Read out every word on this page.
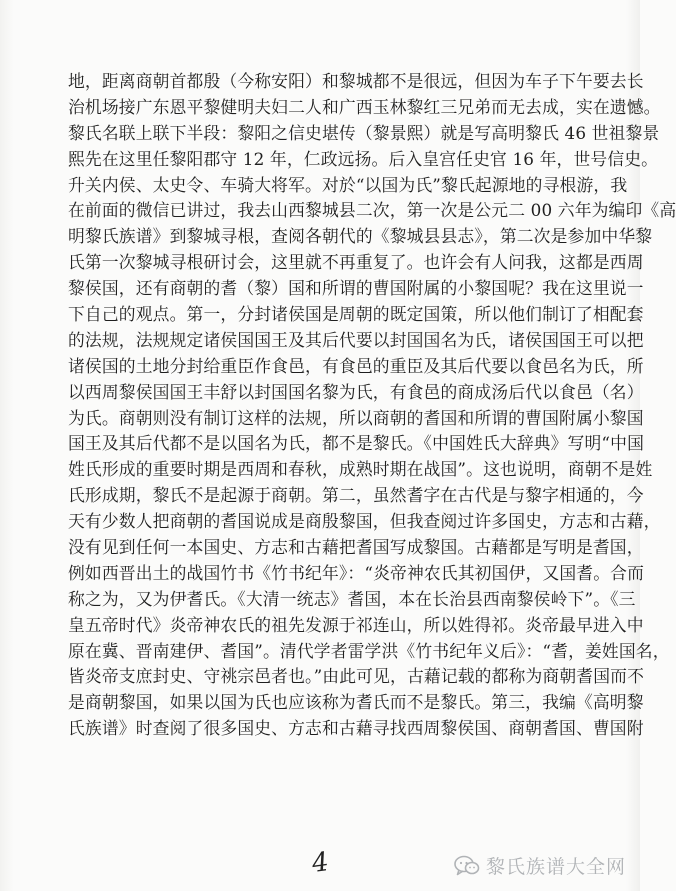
地，距离商朝首都殷（今称安阳）和黎城都不是很远，但因为车子下午要去长
治机场接广东恩平黎健明夫妇二人和广西玉林黎红三兄弟而无去成，实在遗憾。
黎氏名联上联下半段：黎阳之信史堪传（黎景熙）就是写高明黎氏 46 世祖黎景
熙先在这里任黎阳郡守 12 年，仁政远扬。后入皇宫任史官 16 年，世号信史。
升关内侯、太史令、车骑大将军。对於“以国为氏”黎氏起源地的寻根游，我
在前面的微信已讲过，我去山西黎城县二次，第一次是公元二 00 六年为编印《高
明黎氏族谱》到黎城寻根，查阅各朝代的《黎城县县志》，第二次是参加中华黎
氏第一次黎城寻根研讨会，这里就不再重复了。也许会有人问我，这都是西周
黎侯国，还有商朝的耆（黎）国和所谓的曹国附属的小黎国呢？我在这里说一
下自己的观点。第一，分封诸侯国是周朝的既定国策，所以他们制订了相配套
的法规，法规规定诸侯国国王及其后代要以封国国名为氏，诸侯国国王可以把
诸侯国的土地分封给重臣作食邑，有食邑的重臣及其后代要以食邑名为氏，所
以西周黎侯国国王丰舒以封国国名黎为氏，有食邑的商成汤后代以食邑（名）
为氏。商朝则没有制订这样的法规，所以商朝的耆国和所谓的曹国附属小黎国
国王及其后代都不是以国名为氏，都不是黎氏。《中国姓氏大辞典》写明“中国
姓氏形成的重要时期是西周和春秋，成熟时期在战国”。这也说明，商朝不是姓
氏形成期，黎氏不是起源于商朝。第二，虽然耆字在古代是与黎字相通的，今
天有少数人把商朝的耆国说成是商殷黎国，但我查阅过许多国史，方志和古藉，
没有见到任何一本国史、方志和古藉把耆国写成黎国。古藉都是写明是耆国，
例如西晋出土的战国竹书《竹书纪年》：“炎帝神农氏其初国伊，又国耆。合而
称之为，又为伊耆氏。《大清一统志》耆国，本在长治县西南黎侯岭下”。《三
皇五帝时代》炎帝神农氏的祖先发源于祁连山，所以姓得祁。炎帝最早进入中
原在冀、晋南建伊、耆国”。清代学者雷学洪《竹书纪年义后》：“耆，姜姓国名，
皆炎帝支庶封史、守祧宗邑者也。”由此可见，古藉记载的都称为商朝耆国而不
是商朝黎国，如果以国为氏也应该称为耆氏而不是黎氏。第三，我编《高明黎
氏族谱》时查阅了很多国史、方志和古藉寻找西周黎侯国、商朝耆国、曹国附
4	黎氏族谱大全网
